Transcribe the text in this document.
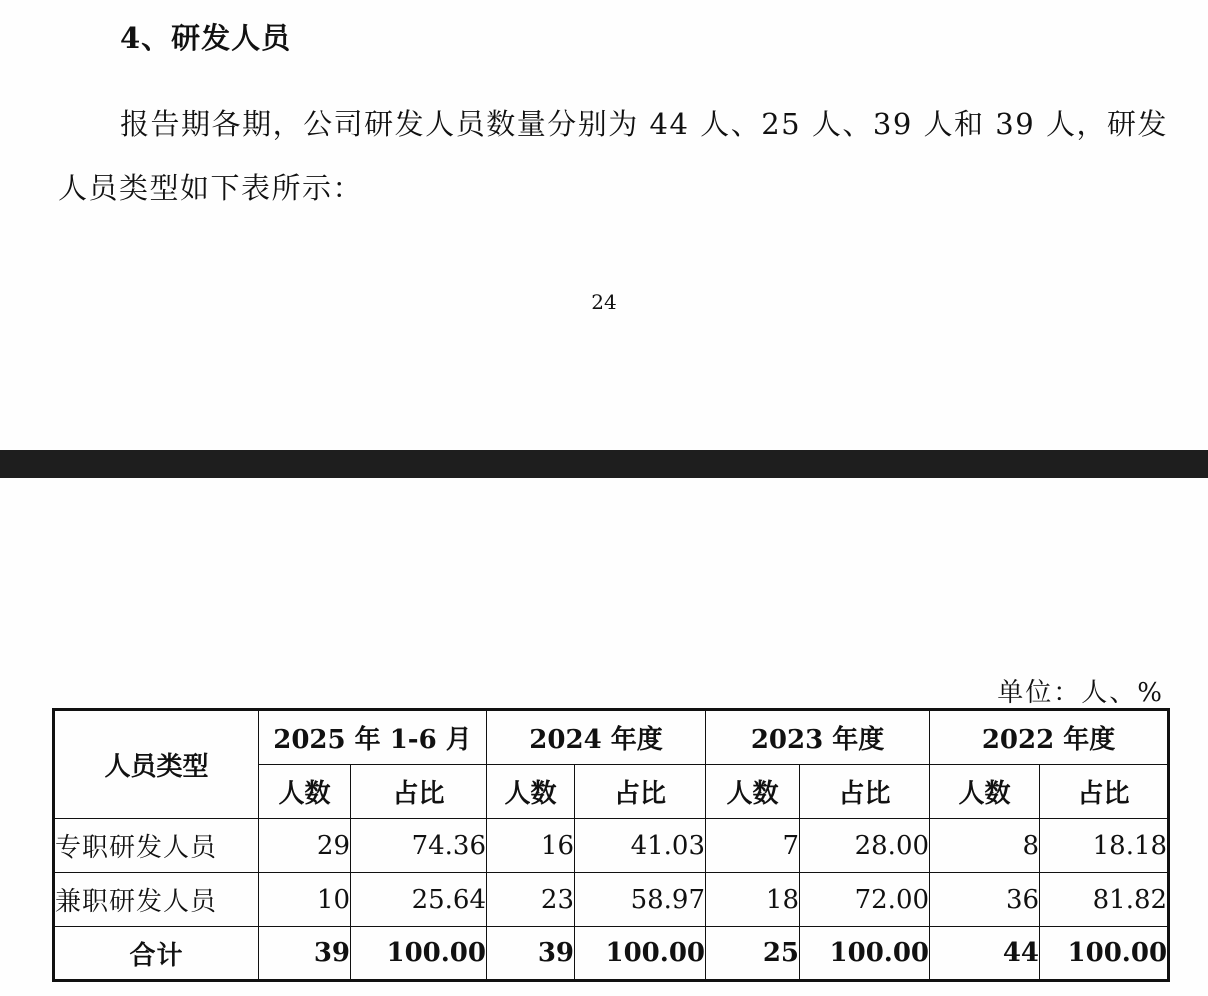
4、研发人员
报告期各期，公司研发人员数量分别为 44 人、25 人、39 人和 39 人，研发人员类型如下表所示：
24
单位：人、%
人员类型	2025 年 1-6 月		2024 年度		2023 年度		2022 年度	
	人数	占比	人数	占比	人数	占比	人数	占比
专职研发人员	29	74.36	16	41.03	7	28.00	8	18.18
兼职研发人员	10	25.64	23	58.97	18	72.00	36	81.82
合计	39	100.00	39	100.00	25	100.00	44	100.00
